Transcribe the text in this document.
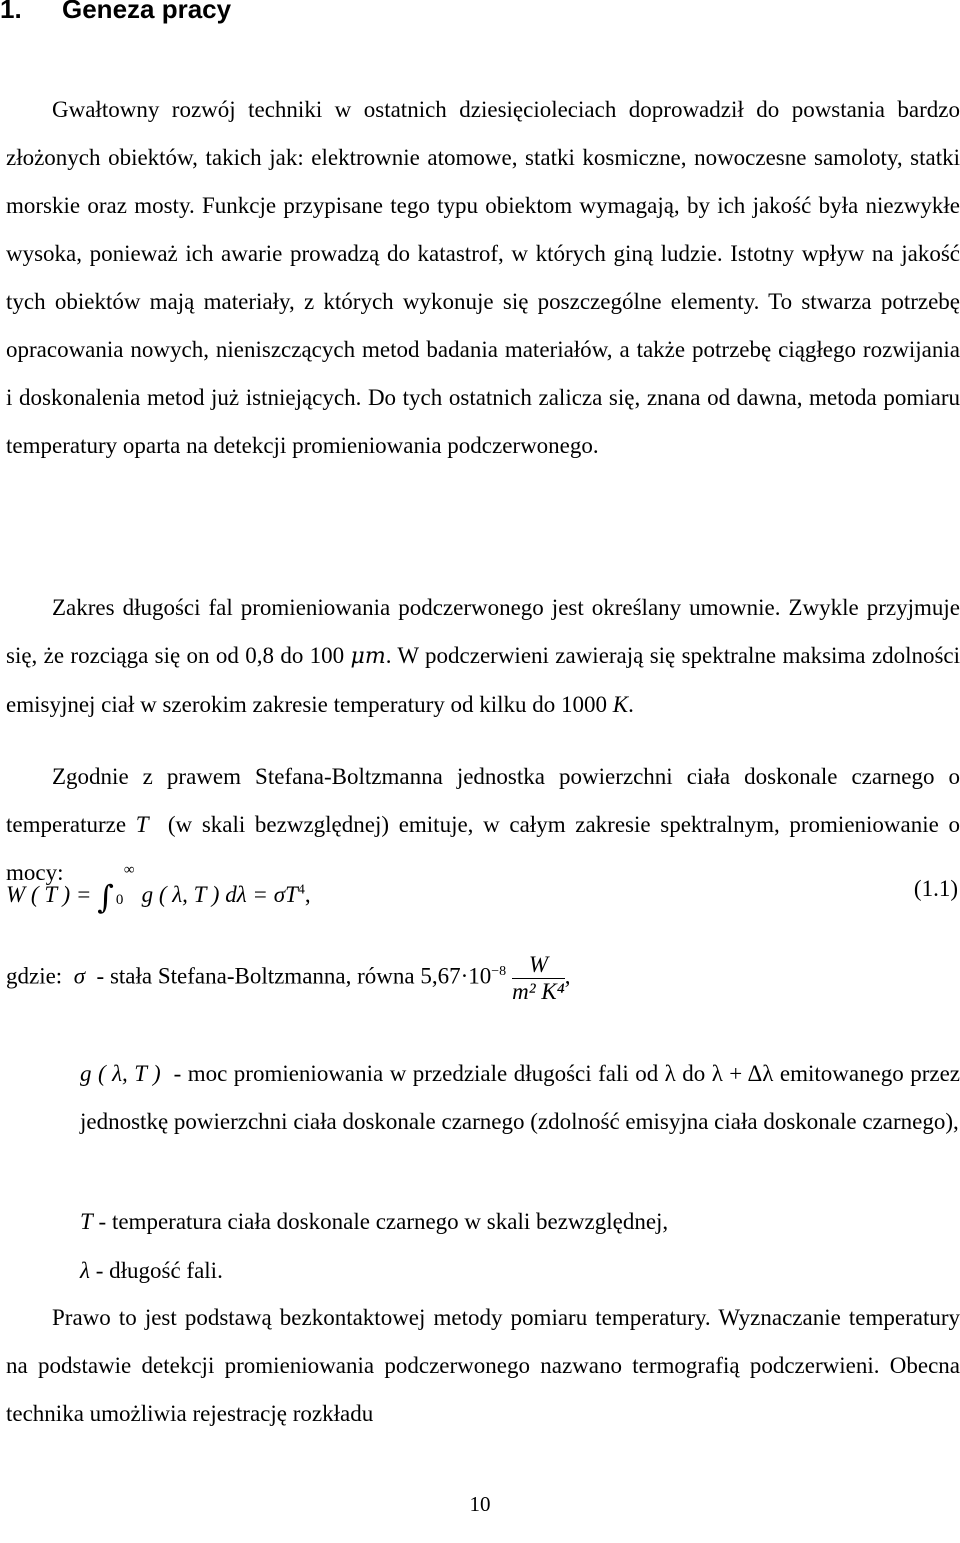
1. Geneza pracy

Gwałtowny rozwój techniki w ostatnich dziesięcioleciach doprowadził do powstania bardzo złożonych obiektów, takich jak: elektrownie atomowe, statki kosmiczne, nowoczesne samoloty, statki morskie oraz mosty. Funkcje przypisane tego typu obiektom wymagają, by ich jakość była niezwykłe wysoka, ponieważ ich awarie prowadzą do katastrof, w których giną ludzie. Istotny wpływ na jakość tych obiektów mają materiały, z których wykonuje się poszczególne elementy. To stwarza potrzebę opracowania nowych, nieniszczących metod badania materiałów, a także potrzebę ciągłego rozwijania i doskonalenia metod już istniejących. Do tych ostatnich zalicza się, znana od dawna, metoda pomiaru temperatury oparta na detekcji promieniowania podczerwonego.

Zakres długości fal promieniowania podczerwonego jest określany umownie. Zwykle przyjmuje się, że rozciąga się on od 0,8 do 100 μm. W podczerwieni zawierają się spektralne maksima zdolności emisyjnej ciał w szerokim zakresie temperatury od kilku do 1000 K.

Zgodnie z prawem Stefana-Boltzmanna jednostka powierzchni ciała doskonale czarnego o temperaturze T (w skali bezwzględnej) emituje, w całym zakresie spektralnym, promieniowanie o mocy:

W ( T ) = ∫
∞
0 g ( λ, T ) $d\lambda = \sigma T^4$,	(1.1)

gdzie: σ - stała Stefana-Boltzmanna, równa $5,67\cdot 10^{-8} \frac{W}{\text{m² K⁴}}$ ,

g ( λ, T ) - moc promieniowania w przedziale długości fali od λ do λ + Δλ emitowanego przez jednostkę powierzchni ciała doskonale czarnego (zdolność emisyjna ciała doskonale czarnego),

T - temperatura ciała doskonale czarnego w skali bezwzględnej,

λ - długość fali.

Prawo to jest podstawą bezkontaktowej metody pomiaru temperatury. Wyznaczanie temperatury na podstawie detekcji promieniowania podczerwonego nazwano termografią podczerwieni. Obecna technika umożliwia rejestrację rozkładu

10
